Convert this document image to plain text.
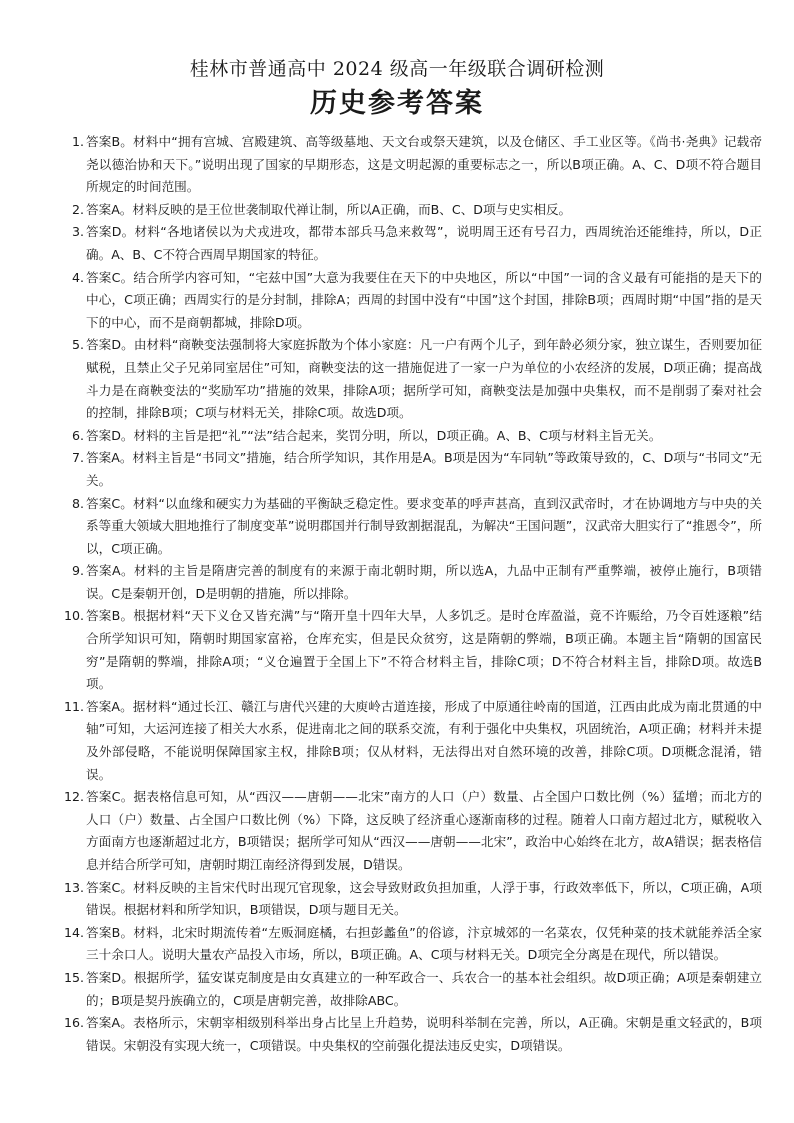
桂林市普通高中 2024 级高一年级联合调研检测
历史参考答案
1. 答案B。材料中“拥有宫城、宫殿建筑、高等级墓地、天文台或祭天建筑，以及仓储区、手工业区等。《尚书·尧典》记载帝尧以德治协和天下。”说明出现了国家的早期形态，这是文明起源的重要标志之一，所以B项正确。A、C、D项不符合题目所规定的时间范围。
2. 答案A。材料反映的是王位世袭制取代禅让制，所以A正确，而B、C、D项与史实相反。
3. 答案D。材料“各地诸侯以为犬戎进攻，都带本部兵马急来救驾”，说明周王还有号召力，西周统治还能维持，所以，D正确。A、B、C不符合西周早期国家的特征。
4. 答案C。结合所学内容可知，“宅兹中国”大意为我要住在天下的中央地区，所以“中国”一词的含义最有可能指的是天下的中心，C项正确；西周实行的是分封制，排除A；西周的封国中没有“中国”这个封国，排除B项；西周时期“中国”指的是天下的中心，而不是商朝都城，排除D项。
5. 答案D。由材料“商鞅变法强制将大家庭拆散为个体小家庭：凡一户有两个儿子，到年龄必须分家，独立谋生，否则要加征赋税，且禁止父子兄弟同室居住”可知，商鞅变法的这一措施促进了一家一户为单位的小农经济的发展，D项正确；提高战斗力是在商鞅变法的“奖励军功”措施的效果，排除A项；据所学可知，商鞅变法是加强中央集权，而不是削弱了秦对社会的控制，排除B项；C项与材料无关，排除C项。故选D项。
6. 答案D。材料的主旨是把“礼”“法”结合起来，奖罚分明，所以，D项正确。A、B、C项与材料主旨无关。
7. 答案A。材料主旨是“书同文”措施，结合所学知识，其作用是A。B项是因为“车同轨”等政策导致的，C、D项与“书同文”无关。
8. 答案C。材料“以血缘和硬实力为基础的平衡缺乏稳定性。要求变革的呼声甚高，直到汉武帝时，才在协调地方与中央的关系等重大领域大胆地推行了制度变革”说明郡国并行制导致割据混乱，为解决“王国问题”，汉武帝大胆实行了“推恩令”，所以，C项正确。
9. 答案A。材料的主旨是隋唐完善的制度有的来源于南北朝时期，所以选A，九品中正制有严重弊端，被停止施行，B项错误。C是秦朝开创，D是明朝的措施，所以排除。
10. 答案B。根据材料“天下义仓又皆充满”与“隋开皇十四年大旱，人多饥乏。是时仓库盈溢，竟不许赈给，乃令百姓逐粮”结合所学知识可知，隋朝时期国家富裕，仓库充实，但是民众贫穷，这是隋朝的弊端，B项正确。本题主旨“隋朝的国富民穷”是隋朝的弊端，排除A项；“义仓遍置于全国上下”不符合材料主旨，排除C项；D不符合材料主旨，排除D项。故选B项。
11. 答案A。据材料“通过长江、赣江与唐代兴建的大庾岭古道连接，形成了中原通往岭南的国道，江西由此成为南北贯通的中轴”可知，大运河连接了相关大水系，促进南北之间的联系交流，有利于强化中央集权，巩固统治，A项正确；材料并未提及外部侵略，不能说明保障国家主权，排除B项；仅从材料，无法得出对自然环境的改善，排除C项。D项概念混淆，错误。
12. 答案C。据表格信息可知，从“西汉——唐朝——北宋”南方的人口（户）数量、占全国户口数比例（%）猛增；而北方的人口（户）数量、占全国户口数比例（%）下降，这反映了经济重心逐渐南移的过程。随着人口南方超过北方，赋税收入方面南方也逐渐超过北方，B项错误；据所学可知从“西汉——唐朝——北宋”，政治中心始终在北方，故A错误；据表格信息并结合所学可知，唐朝时期江南经济得到发展，D错误。
13. 答案C。材料反映的主旨宋代时出现冗官现象，这会导致财政负担加重，人浮于事，行政效率低下，所以，C项正确，A项错误。根据材料和所学知识，B项错误，D项与题目无关。
14. 答案B。材料，北宋时期流传着“左贩洞庭橘，右担彭蠡鱼”的俗谚，汴京城郊的一名菜农，仅凭种菜的技术就能养活全家三十余口人。说明大量农产品投入市场，所以，B项正确。A、C项与材料无关。D项完全分离是在现代，所以错误。
15. 答案D。根据所学，猛安谋克制度是由女真建立的一种军政合一、兵农合一的基本社会组织。故D项正确；A项是秦朝建立的；B项是契丹族确立的，C项是唐朝完善，故排除ABC。
16. 答案A。表格所示，宋朝宰相级别科举出身占比呈上升趋势，说明科举制在完善，所以，A正确。宋朝是重文轻武的，B项错误。宋朝没有实现大统一，C项错误。中央集权的空前强化提法违反史实，D项错误。
